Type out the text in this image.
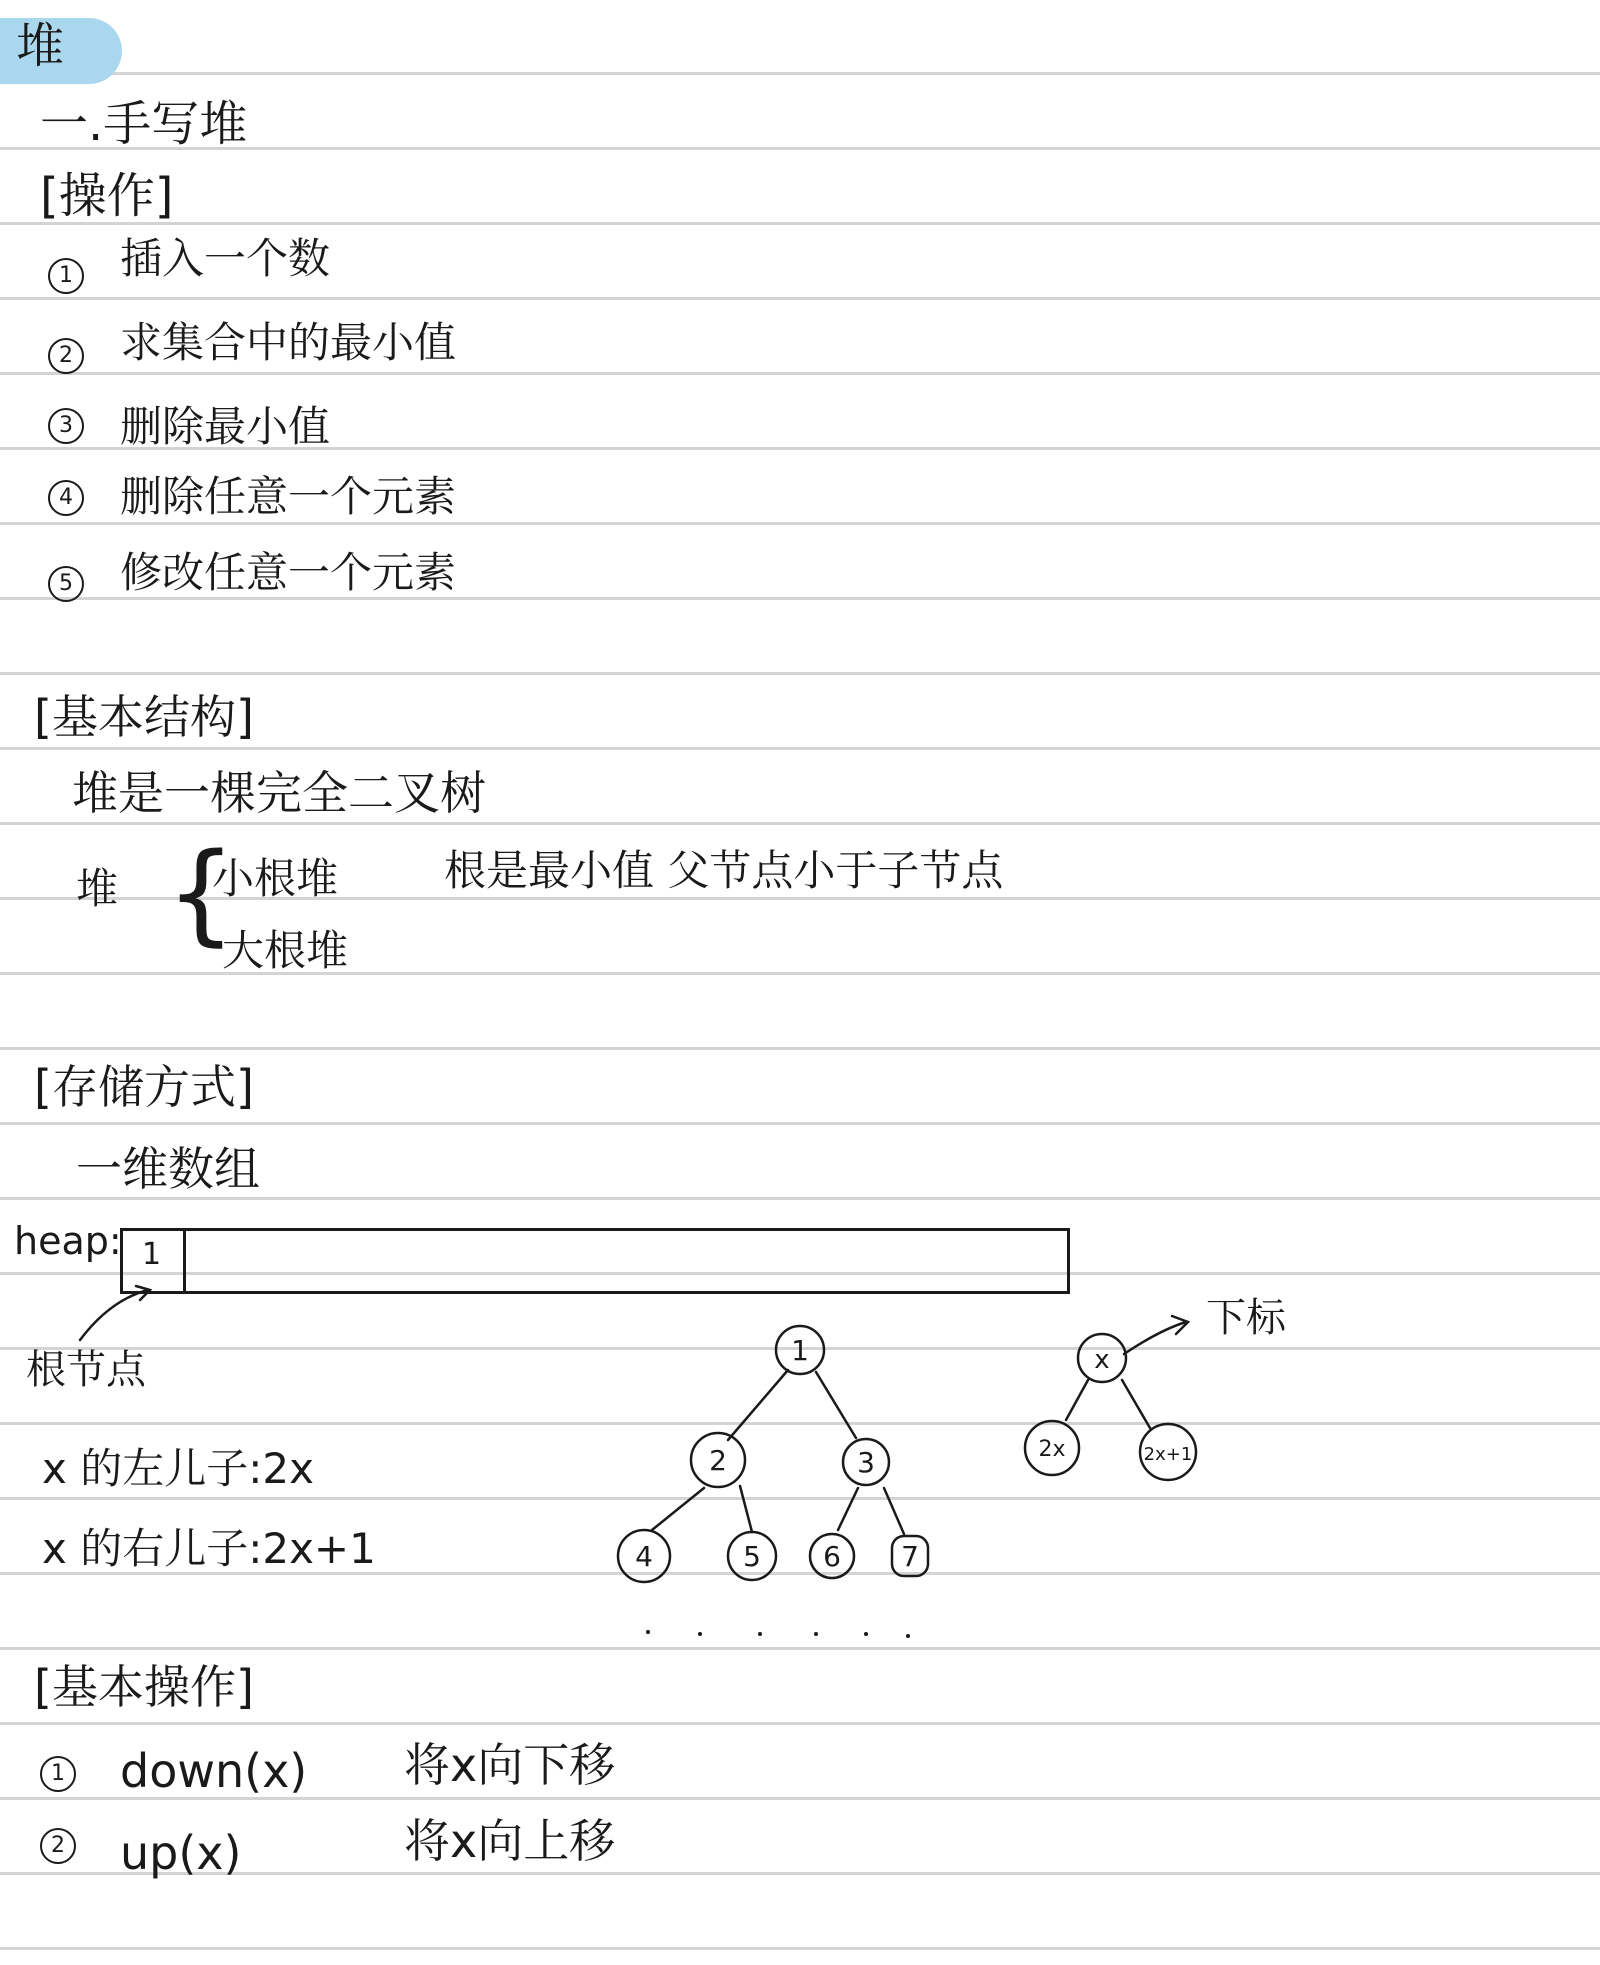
堆
一.手写堆
[操作]
1 插入一个数
2 求集合中的最小值
3 删除最小值
4 删除任意一个元素
5 修改任意一个元素
[基本结构]
堆是一棵完全二叉树
堆 {
小根堆
大根堆
根是最小值 父节点小于子节点
[存储方式]
一维数组
heap: 1
根节点
x 的左儿子:2x
x 的右儿子:2x+1
下标
1
2	3
4	5 6 7
x
2x	2x+1
[基本操作]
1 down(x) 将x向下移
2 up(x)	将x向上移
